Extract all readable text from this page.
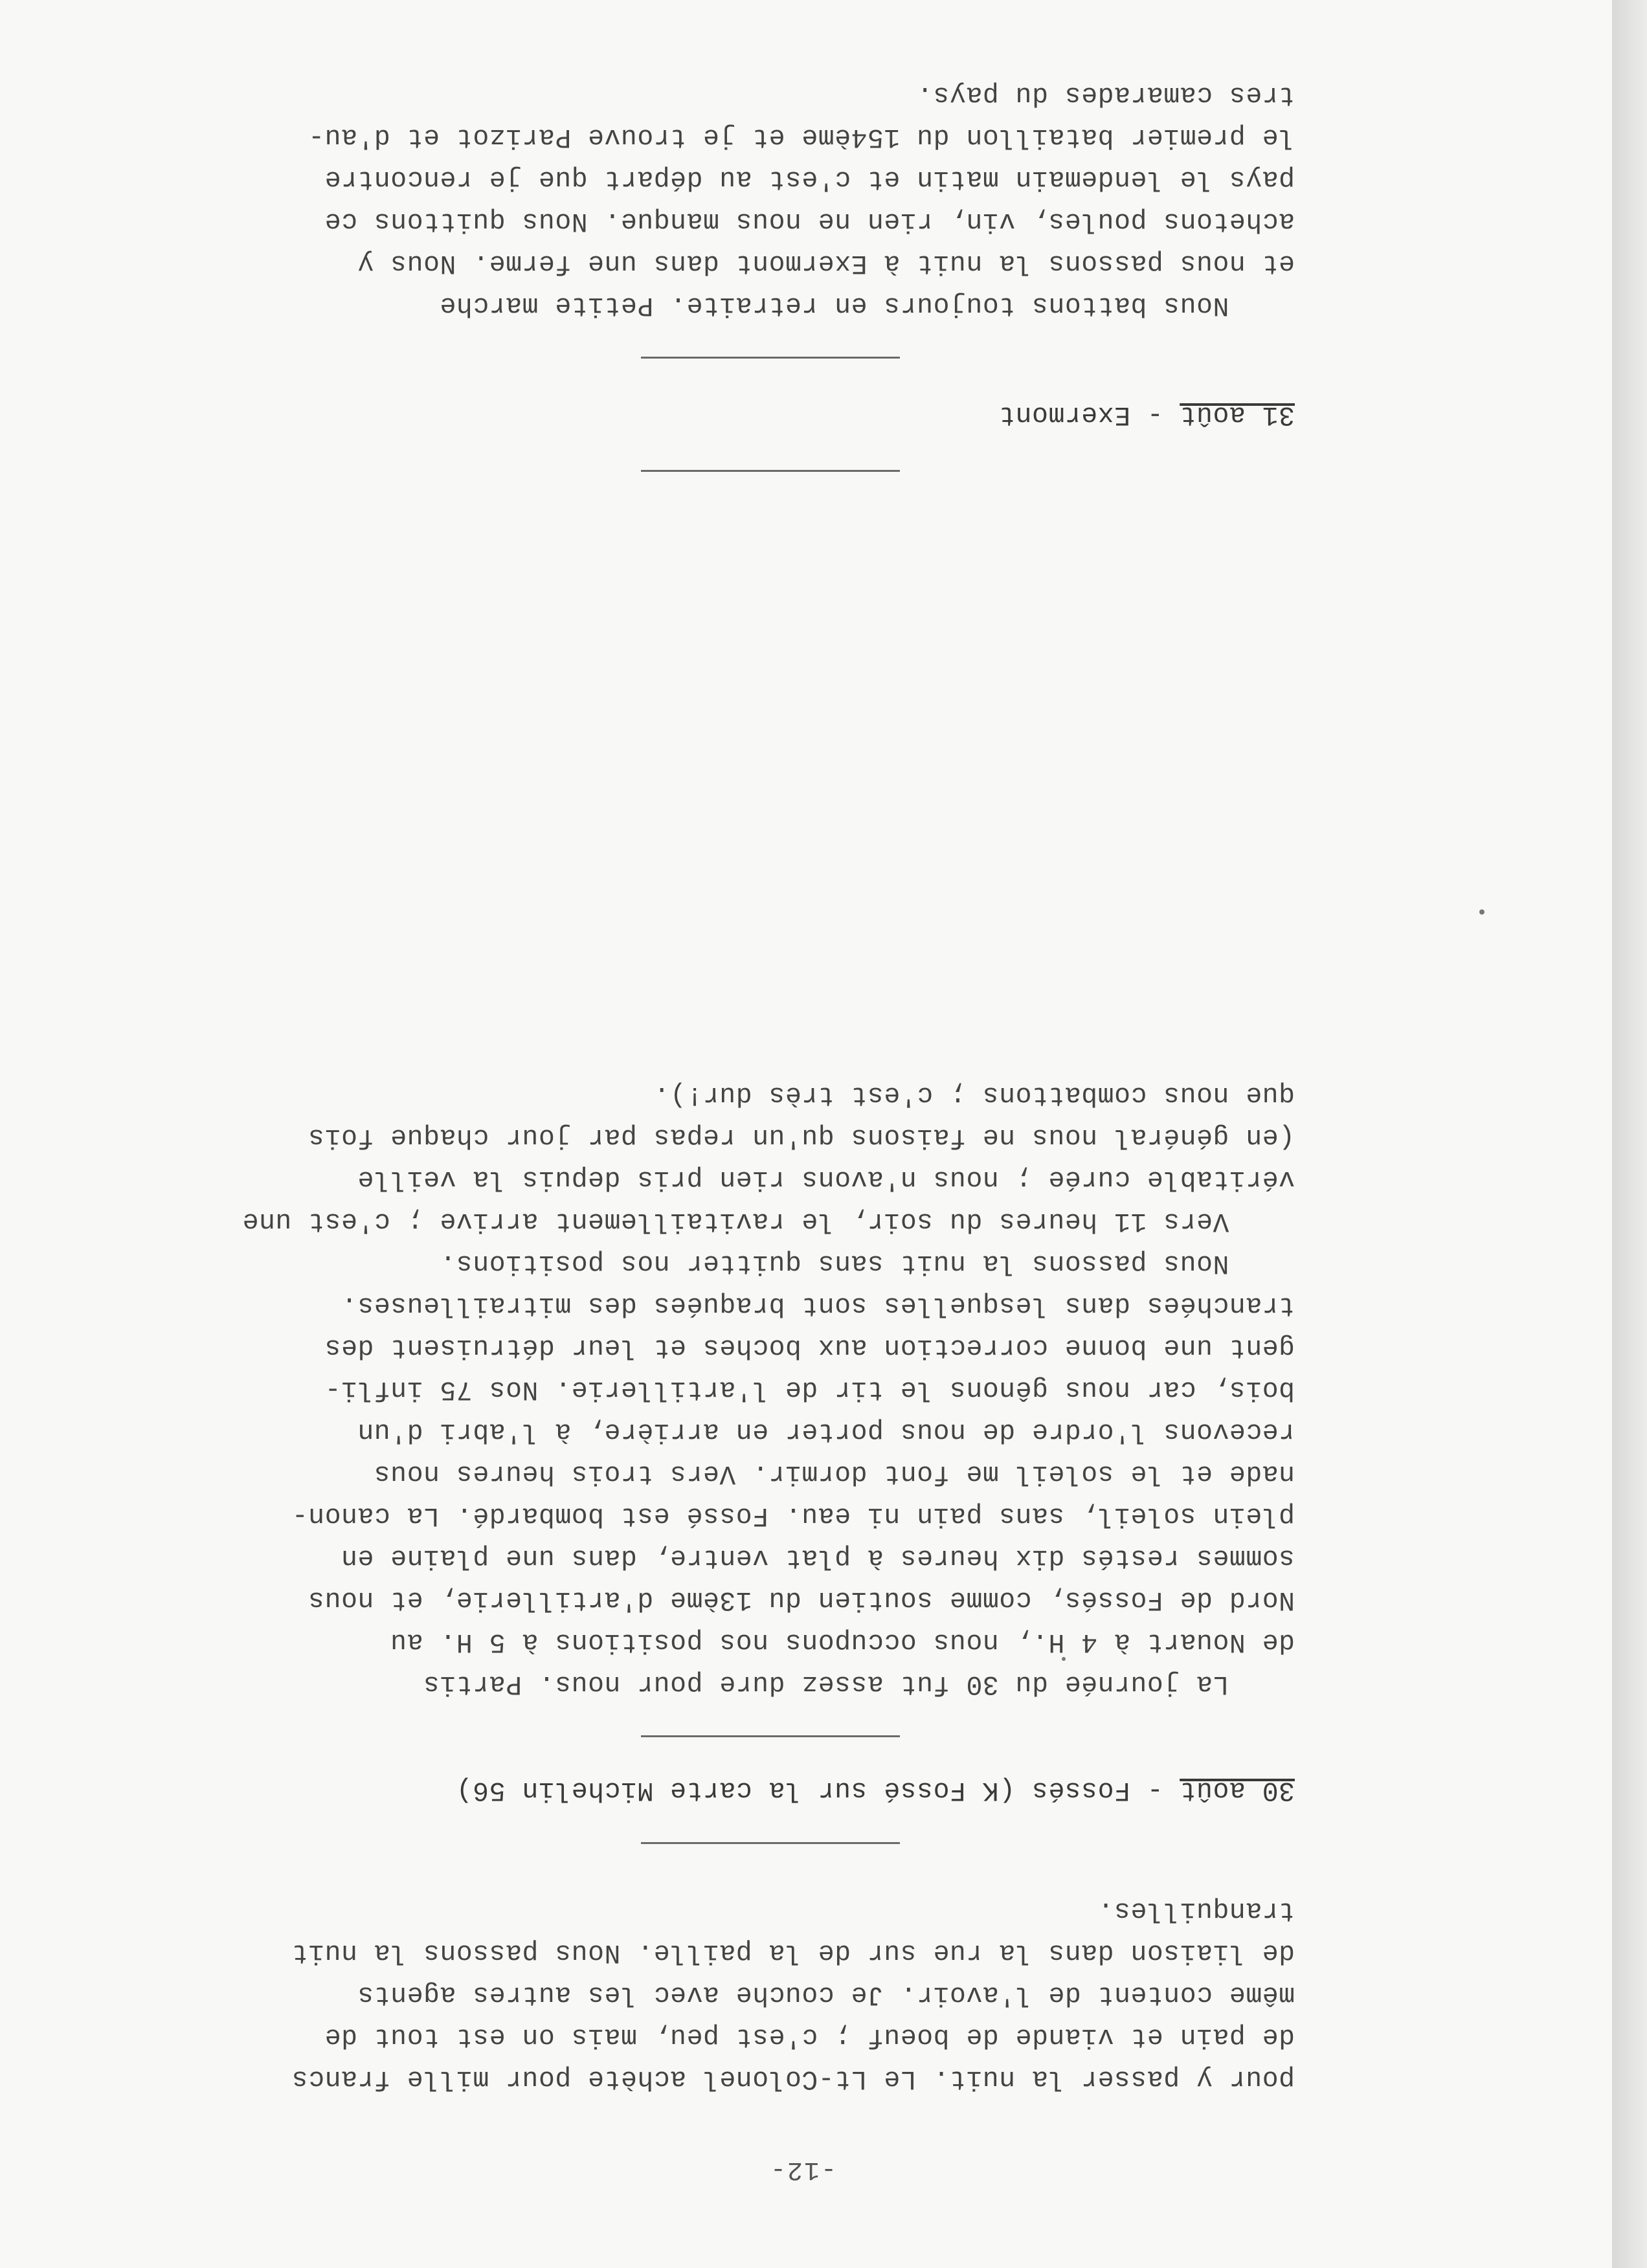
-12-
pour y passer la nuit. Le Lt-Colonel achète pour mille francs
de pain et viande de boeuf ; c'est peu, mais on est tout de
même content de l'avoir. Je couche avec les autres agents
de liaison dans la rue sur de la paille. Nous passons la nuit
tranquilles.
30 août - Fossés (K Fossé sur la carte Michelin 56)
La journée du 30 fut assez dure pour nous. Partis
de Nouart à 4 H., nous occupons nos positions à 5 H. au
Nord de Fossés, comme soutien du 13ème d'artillerie, et nous
sommes restés dix heures à plat ventre, dans une plaine en
plein soleil, sans pain ni eau. Fossé est bombardé. La canon-
nade et le soleil me font dormir. Vers trois heures nous
recevons l'ordre de nous porter en arrière, à l'abri d'un
bois, car nous gênons le tir de l'artillerie. Nos 75 infli-
gent une bonne correction aux boches et leur détruisent des
tranchées dans lesquelles sont braquées des mitrailleuses.
Nous passons la nuit sans quitter nos positions.
Vers 11 heures du soir, le ravitaillement arrive ; c'est une
véritable curée ; nous n'avons rien pris depuis la veille
(en général nous ne faisons qu'un repas par jour chaque fois
que nous combattons ; c'est très dur!).
31 août - Exermont
Nous battons toujours en retraite. Petite marche
et nous passons la nuit à Exermont dans une ferme. Nous y
achetons poules, vin, rien ne nous manque. Nous quittons ce
pays le lendemain matin et c'est au départ que je rencontre
le premier bataillon du 154ème et je trouve Parizot et d'au-
tres camarades du pays.
